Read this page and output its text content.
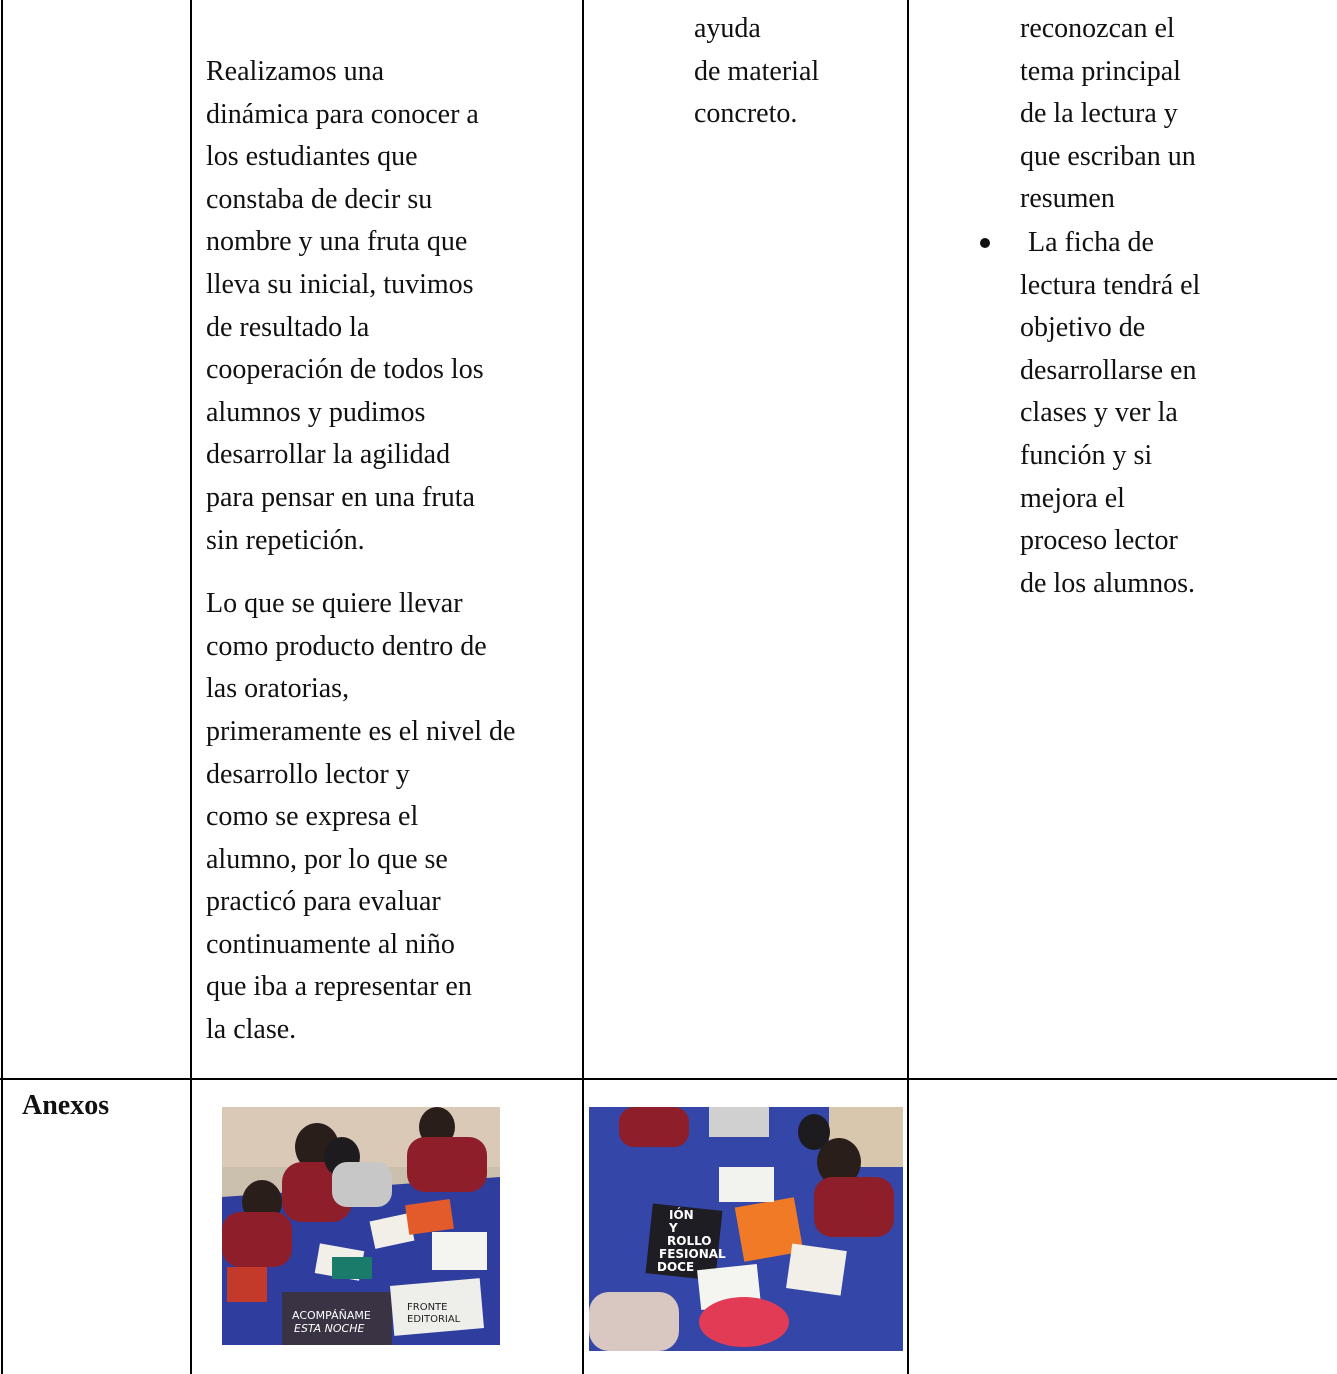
Realizamos una
dinámica para conocer a
los estudiantes que
constaba de decir su
nombre y una fruta que
lleva su inicial, tuvimos
de resultado la
cooperación de todos los
alumnos y pudimos
desarrollar la agilidad
para pensar en una fruta
sin repetición.

Lo que se quiere llevar
como producto dentro de
las oratorias,
primeramente es el nivel de
desarrollo lector y
como se expresa el
alumno, por lo que se
practicó para evaluar
continuamente al niño
que iba a representar en
la clase.

ayuda
de material
concreto.
reconozcan el
tema principal
de la lectura y
que escriban un
resumen
La ficha de
lectura tendrá el
objetivo de
desarrollarse en
clases y ver la
función y si
mejora el
proceso lector
de los alumnos.
Anexos
ACOMPÁÑAME
ESTA NOCHE
FRONTE
EDITORIAL
IÓN
Y
ROLLO
FESIONAL
DOCE
